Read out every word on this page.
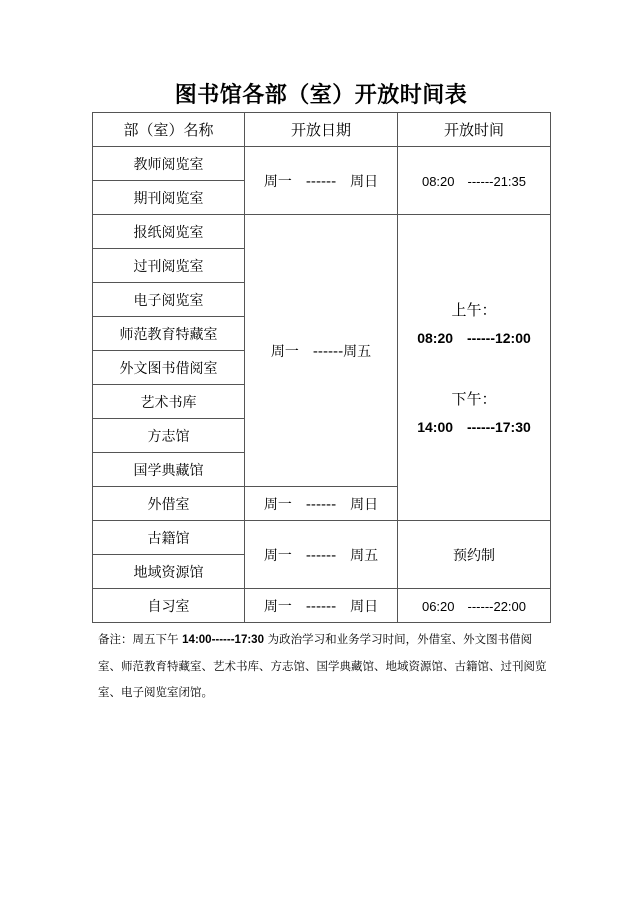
图书馆各部（室）开放时间表
部（室）名称	开放日期	开放时间
教师阅览室	周一　------　周日	08:20　------21:35
期刊阅览室		
报纸阅览室	周一　------周五	上午：
08:20　------12:00
下午：
14:00　------17:30

过刊阅览室		
电子阅览室		
师范教育特藏室		
外文图书借阅室		
艺术书库		
方志馆		
国学典藏馆		
外借室	周一　------　周日	
古籍馆	周一　------　周五	预约制
地域资源馆		
自习室	周一　------　周日	06:20　------22:00
备注：周五下午 14:00------17:30 为政治学习和业务学习时间，外借室、外文图书借阅室、师范教育特藏室、艺术书库、方志馆、国学典藏馆、地域资源馆、古籍馆、过刊阅览室、电子阅览室闭馆。
